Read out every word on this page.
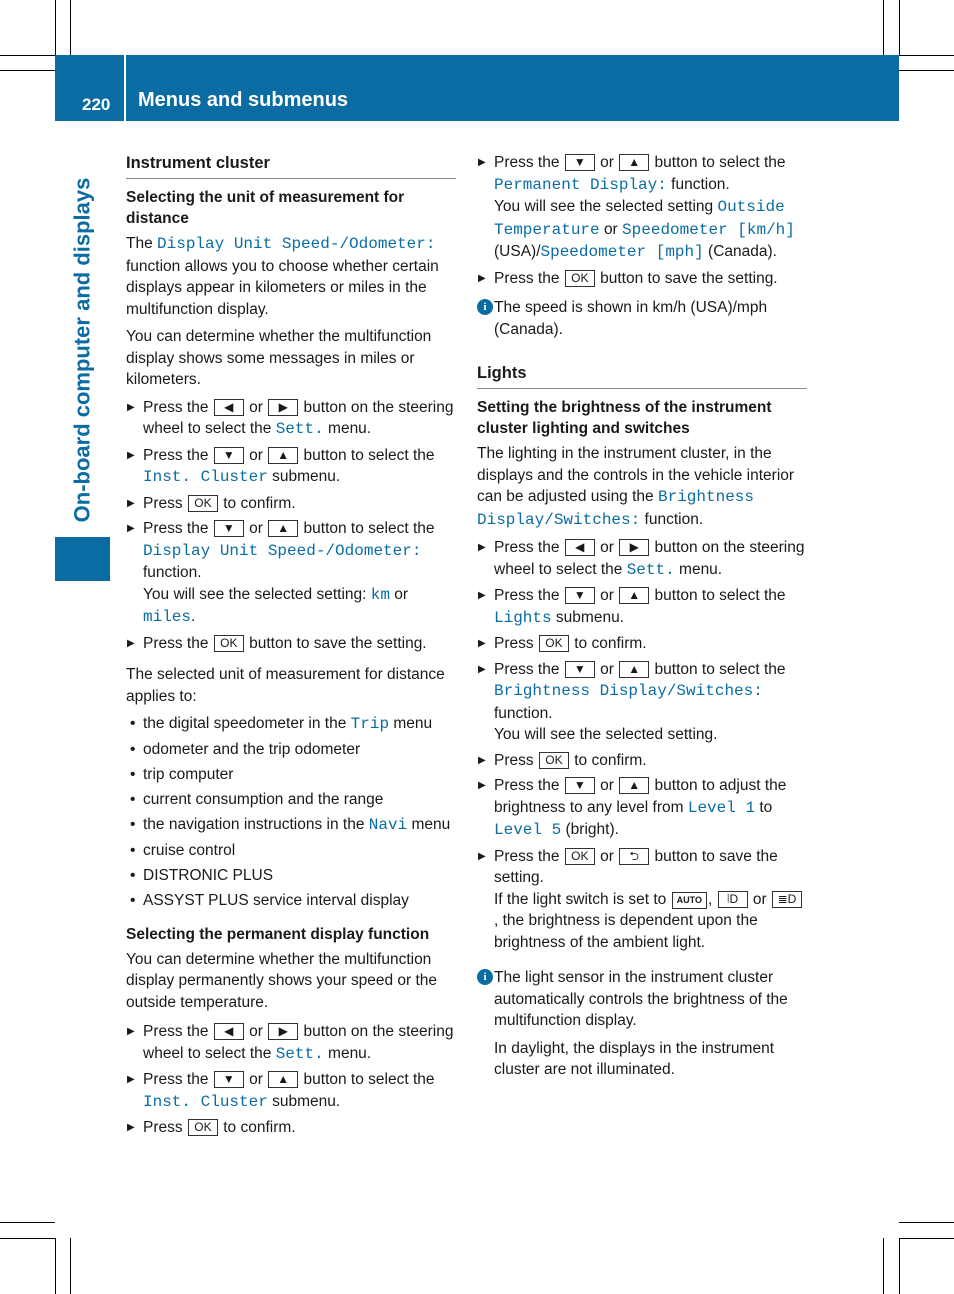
220 Menus and submenus
On-board computer and displays
Instrument cluster
Selecting the unit of measurement for distance

The Display Unit Speed-/Odometer: function allows you to choose whether certain displays appear in kilometers or miles in the multifunction display.

You can determine whether the multifunction display shows some messages in miles or kilometers.

▶ Press the ◀ or ▶ button on the steering wheel to select the Sett. menu.
▶ Press the ▼ or ▲ button to select the Inst. Cluster submenu.
▶ Press OK to confirm.
▶ Press the ▼ or ▲ button to select the Display Unit Speed-/Odometer:
function.
You will see the selected setting: km or miles.
▶ Press the OK button to save the setting.

The selected unit of measurement for distance applies to:

• the digital speedometer in the Trip menu
• odometer and the trip odometer
• trip computer
• current consumption and the range
• the navigation instructions in the Navi menu
• cruise control
• DISTRONIC PLUS
• ASSYST PLUS service interval display
Selecting the permanent display function

You can determine whether the multifunction display permanently shows your speed or the outside temperature.

▶ Press the ◀ or ▶ button on the steering wheel to select the Sett. menu.
▶ Press the ▼ or ▲ button to select the Inst. Cluster submenu.
▶ Press OK to confirm.
▶ Press the ▼ or ▲ button to select the Permanent Display: function.
You will see the selected setting Outside Temperature or Speedometer [km/h] (USA)/Speedometer [mph] (Canada).
▶ Press the OK button to save the setting.
i The speed is shown in km/h (USA)/mph (Canada).
Lights
Setting the brightness of the instrument cluster lighting and switches

The lighting in the instrument cluster, in the displays and the controls in the vehicle interior can be adjusted using the Brightness Display/Switches: function.

▶ Press the ◀ or ▶ button on the steering wheel to select the Sett. menu.
▶ Press the ▼ or ▲ button to select the Lights submenu.
▶ Press OK to confirm.
▶ Press the ▼ or ▲ button to select the Brightness Display/Switches:
function.
You will see the selected setting.
▶ Press OK to confirm.
▶ Press the ▼ or ▲ button to adjust the brightness to any level from Level 1 to Level 5 (bright).
▶ Press the OK or ⮌ button to save the setting.
If the light switch is set to AUTO , ⦚D or ≣D, the brightness is dependent upon the brightness of the ambient light.
i The light sensor in the instrument cluster automatically controls the brightness of the multifunction display.

In daylight, the displays in the instrument cluster are not illuminated.
